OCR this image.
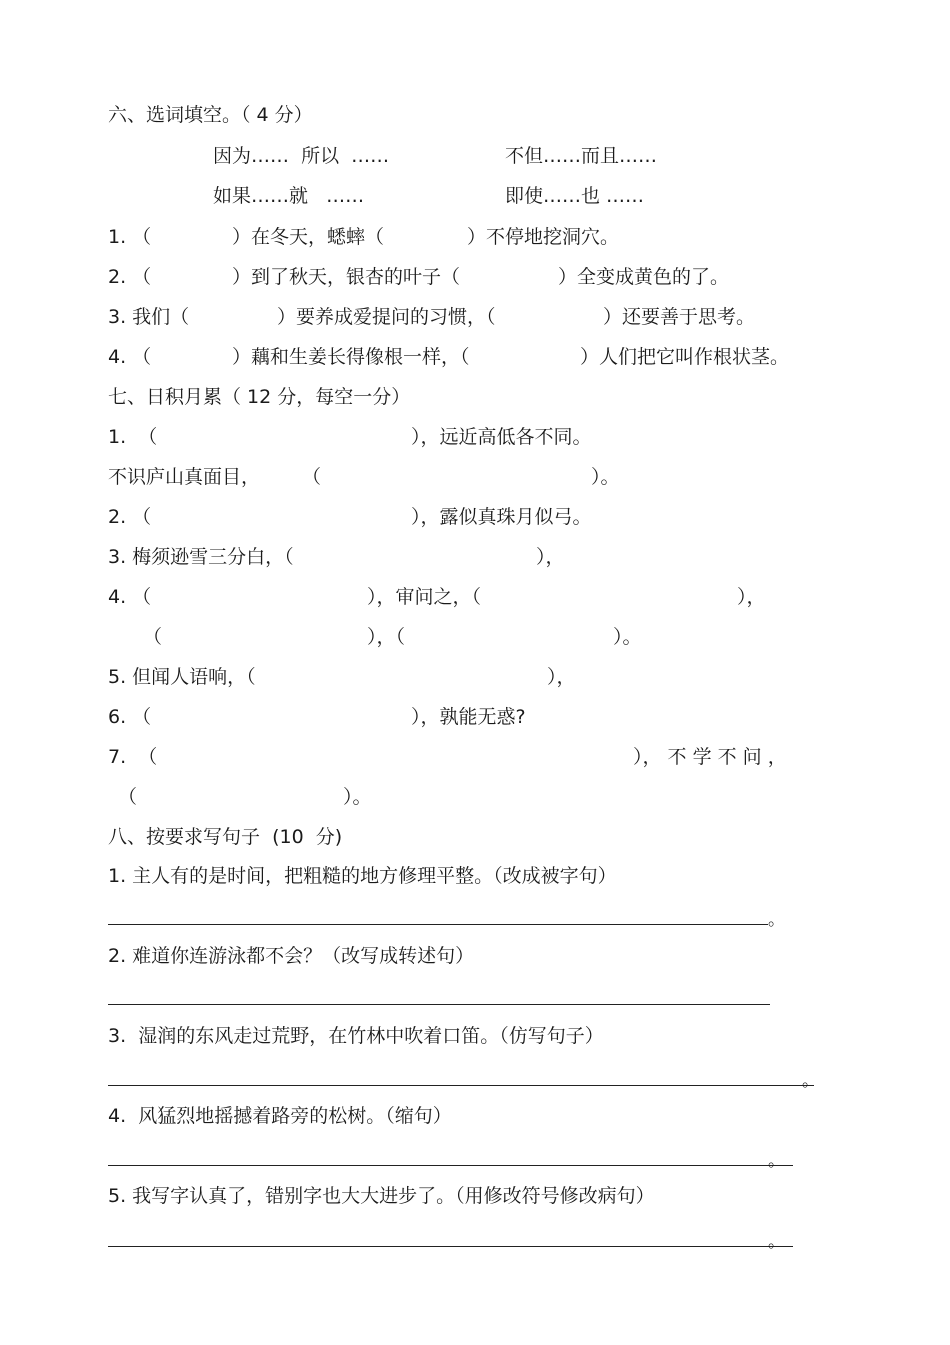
六、选词填空。（ 4 分）
因为……  所以  ……	不但……而且……
如果……就   ……	即使……也 ……
1. （	）在冬天，蟋蟀（	）不停地挖洞穴。
2. （	）到了秋天，银杏的叶子（	）全变成黄色的了。
3. 我们（	）要养成爱提问的习惯，（	）还要善于思考。
4. （	）藕和生姜长得像根一样，（	）人们把它叫作根状茎。
七、日积月累（ 12 分，每空一分）
1.  （	），远近高低各不同。
不识庐山真面目， （	）。
2. （	），露似真珠月似弓。
3. 梅须逊雪三分白，（	），
4. （	），审问之，（	），
（	），（	）。
5. 但闻人语响，（	），
6. （	），孰能无惑?
7.  （	）， 不 学 不 问 ，
（	）。
八、按要求写句子  (10  分)
1. 主人有的是时间，把粗糙的地方修理平整。（改成被字句）
。
2. 难道你连游泳都不会？（改写成转述句）
3.  湿润的东风走过荒野，在竹林中吹着口笛。（仿写句子）
。
4.  风猛烈地摇撼着路旁的松树。（缩句）
。
5. 我写字认真了，错别字也大大进步了。（用修改符号修改病句）
。
